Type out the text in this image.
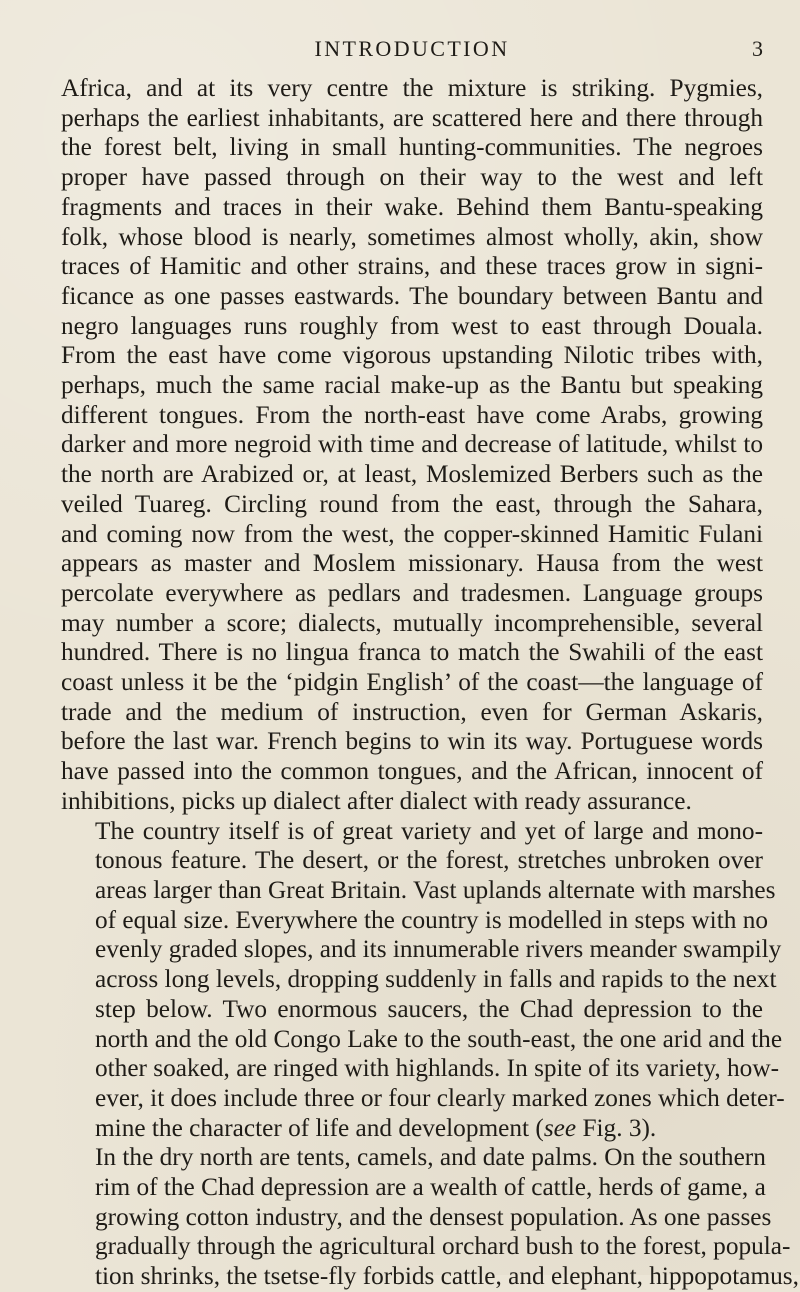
INTRODUCTION	3

Africa, and at its very centre the mixture is striking. Pygmies,
perhaps the earliest inhabitants, are scattered here and there through
the forest belt, living in small hunting-communities. The negroes
proper have passed through on their way to the west and left
fragments and traces in their wake. Behind them Bantu-speaking
folk, whose blood is nearly, sometimes almost wholly, akin, show
traces of Hamitic and other strains, and these traces grow in signi-
ficance as one passes eastwards. The boundary between Bantu and
negro languages runs roughly from west to east through Douala.
From the east have come vigorous upstanding Nilotic tribes with,
perhaps, much the same racial make-up as the Bantu but speaking
different tongues. From the north-east have come Arabs, growing
darker and more negroid with time and decrease of latitude, whilst to
the north are Arabized or, at least, Moslemized Berbers such as the
veiled Tuareg. Circling round from the east, through the Sahara,
and coming now from the west, the copper-skinned Hamitic Fulani
appears as master and Moslem missionary. Hausa from the west
percolate everywhere as pedlars and tradesmen. Language groups
may number a score; dialects, mutually incomprehensible, several
hundred. There is no lingua franca to match the Swahili of the east
coast unless it be the ‘pidgin English’ of the coast—the language of
trade and the medium of instruction, even for German Askaris,
before the last war. French begins to win its way. Portuguese words
have passed into the common tongues, and the African, innocent of
inhibitions, picks up dialect after dialect with ready assurance.

The country itself is of great variety and yet of large and mono-
tonous feature. The desert, or the forest, stretches unbroken over
areas larger than Great Britain. Vast uplands alternate with marshes
of equal size. Everywhere the country is modelled in steps with no
evenly graded slopes, and its innumerable rivers meander swampily
across long levels, dropping suddenly in falls and rapids to the next
step below. Two enormous saucers, the Chad depression to the
north and the old Congo Lake to the south-east, the one arid and the
other soaked, are ringed with highlands. In spite of its variety, how-
ever, it does include three or four clearly marked zones which deter-
mine the character of life and development (see Fig. 3).

In the dry north are tents, camels, and date palms. On the southern
rim of the Chad depression are a wealth of cattle, herds of game, a
growing cotton industry, and the densest population. As one passes
gradually through the agricultural orchard bush to the forest, popula-
tion shrinks, the tsetse-fly forbids cattle, and elephant, hippopotamus,
